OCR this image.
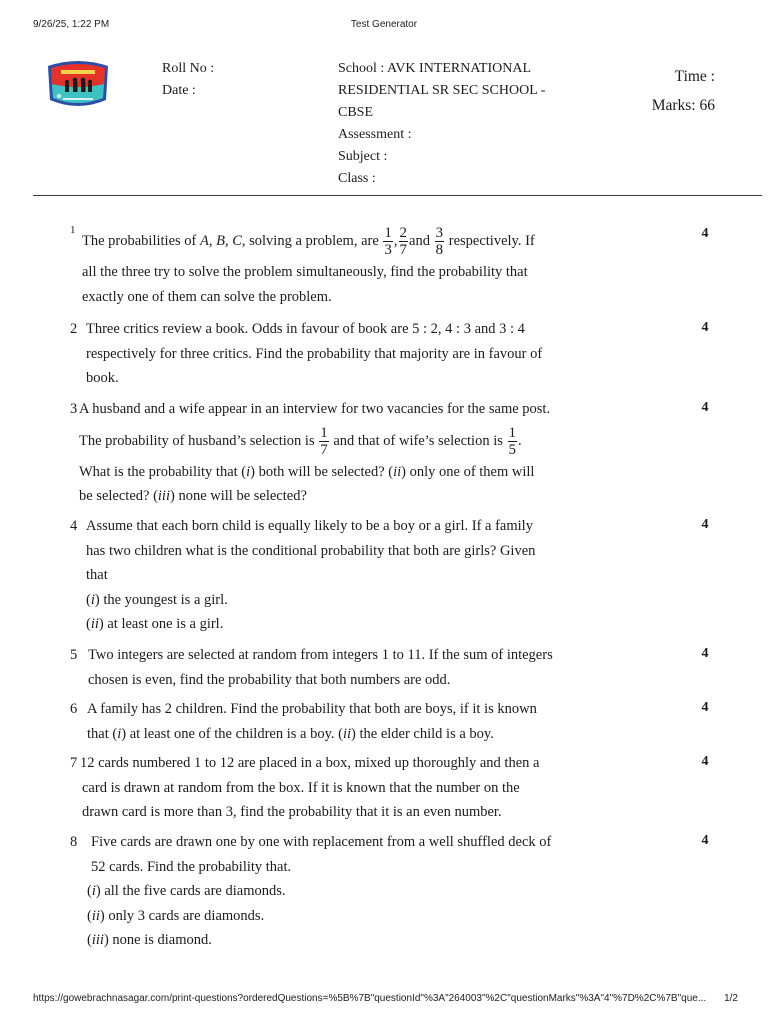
9/26/25, 1:22 PM	Test Generator
Roll No :
Date :
School : AVK INTERNATIONAL
RESIDENTIAL SR SEC SCHOOL -
CBSE
Assessment :
Subject :
Class :
Time :
Marks: 66
1
The probabilities of A, B, C, solving a problem, are $\frac{1}{3}$ , $\frac{2}{7}$ and $\frac{3}{8}$ respectively. If
all the three try to solve the problem simultaneously, find the probability that
exactly one of them can solve the problem.
4
2 Three critics review a book. Odds in favour of book are 5 : 2, 4 : 3 and 3 : 4
respectively for three critics. Find the probability that majority are in favour of
book.
4
3 A husband and a wife appear in an interview for two vacancies for the same post.
The probability of husband’s selection is $\frac{1}{7}$ and that of wife’s selection is $\frac{1}{5}$ .
What is the probability that (i) both will be selected? (ii) only one of them will
be selected? (iii) none will be selected?
4
4 Assume that each born child is equally likely to be a boy or a girl. If a family
has two children what is the conditional probability that both are girls? Given
that
(i) the youngest is a girl.
(ii) at least one is a girl.
4
5 Two integers are selected at random from integers 1 to 11. If the sum of integers
chosen is even, find the probability that both numbers are odd.
4
6 A family has 2 children. Find the probability that both are boys, if it is known
that (i) at least one of the children is a boy. (ii) the elder child is a boy.
4
7 12 cards numbered 1 to 12 are placed in a box, mixed up thoroughly and then a
card is drawn at random from the box. If it is known that the number on the
drawn card is more than 3, find the probability that it is an even number.
4
8 Five cards are drawn one by one with replacement from a well shuffled deck of
52 cards. Find the probability that.
(i) all the five cards are diamonds.
(ii) only 3 cards are diamonds.
(iii) none is diamond.
4
https://gowebrachnasagar.com/print-questions?orderedQuestions=%5B%7B"questionId"%3A"264003"%2C"questionMarks"%3A"4"%7D%2C%7B"que...	1/2
